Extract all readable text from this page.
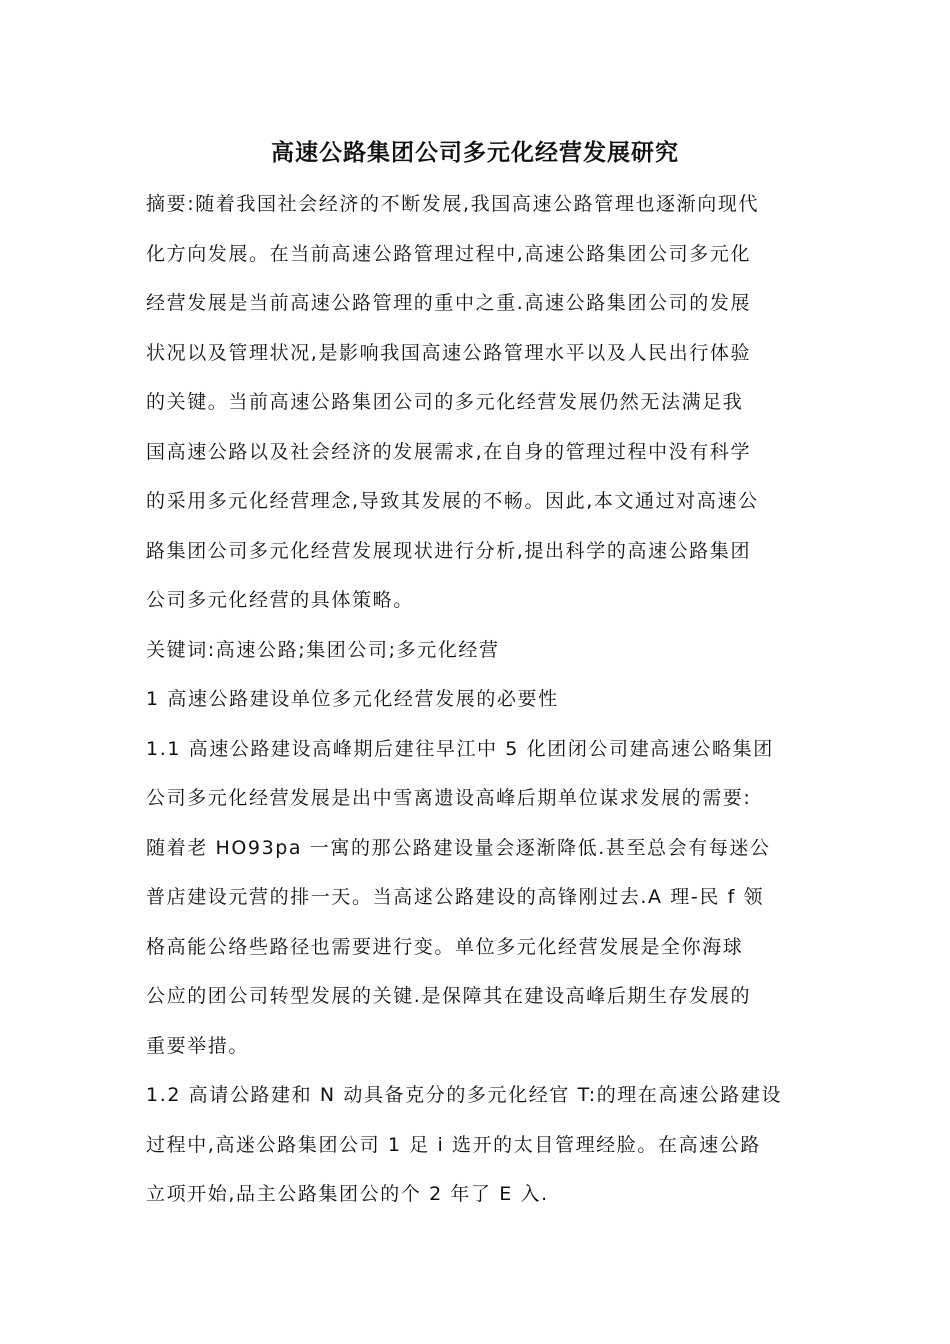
高速公路集团公司多元化经营发展研究

摘要:随着我国社会经济的不断发展,我国高速公路管理也逐渐向现代
化方向发展。在当前高速公路管理过程中,高速公路集团公司多元化
经营发展是当前高速公路管理的重中之重.高速公路集团公司的发展
状况以及管理状况,是影响我国高速公路管理水平以及人民出行体验
的关键。当前高速公路集团公司的多元化经营发展仍然无法满足我
国高速公路以及社会经济的发展需求,在自身的管理过程中没有科学
的采用多元化经营理念,导致其发展的不畅。因此,本文通过对高速公
路集团公司多元化经营发展现状进行分析,提出科学的高速公路集团
公司多元化经营的具体策略。

关键词:高速公路;集团公司;多元化经营

1 高速公路建设单位多元化经营发展的必要性

1.1 高速公路建设高峰期后建往早江中 5 化团闭公司建高速公略集团
公司多元化经营发展是出中雪离遗设高峰后期单位谋求发展的需要:
随着老 HO93pa 一寓的那公路建设量会逐渐降低.甚至总会有每迷公
普店建设元营的排一天。当高逑公路建设的高锋刚过去.A 理-民 f 领
格高能公络些路径也需要进行变。单位多元化经营发展是全你海球
公应的团公司转型发展的关键.是保障其在建设高峰后期生存发展的
重要举措。

1.2 高请公路建和 N 动具备克分的多元化经官 T:的理在高速公路建设
过程中,高迷公路集团公司 1 足 i 选开的太目管理经脸。在高速公路
立项开始,品主公路集团公的个 2 年了 E 入.
